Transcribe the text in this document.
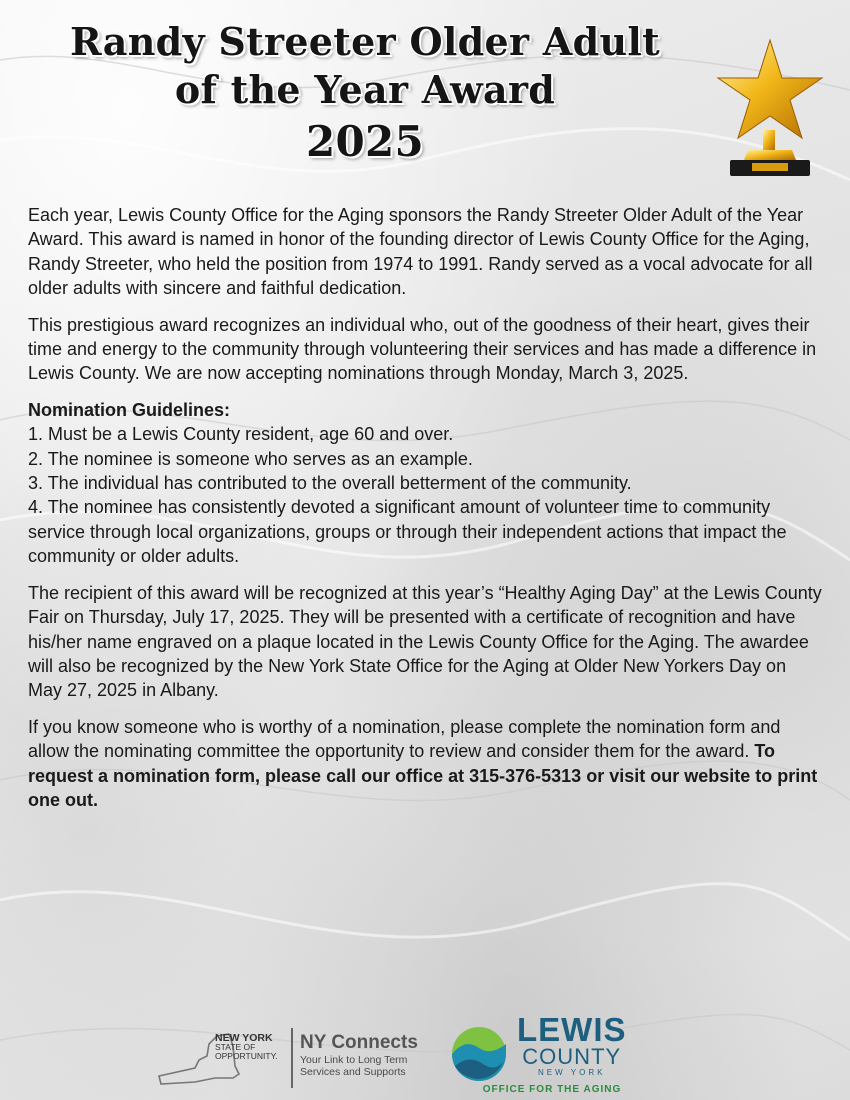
Randy Streeter Older Adult
of the Year Award
2025

Each year, Lewis County Office for the Aging sponsors the Randy Streeter Older Adult of the Year Award. This award is named in honor of the founding director of Lewis County Office for the Aging, Randy Streeter, who held the position from 1974 to 1991. Randy served as a vocal advocate for all older adults with sincere and faithful dedication.

This prestigious award recognizes an individual who, out of the goodness of their heart, gives their time and energy to the community through volunteering their services and has made a difference in Lewis County. We are now accepting nominations through Monday, March 3, 2025.

Nomination Guidelines:
1. Must be a Lewis County resident, age 60 and over.
2. The nominee is someone who serves as an example.
3. The individual has contributed to the overall betterment of the community.
4. The nominee has consistently devoted a significant amount of volunteer time to community service through local organizations, groups or through their independent actions that impact the community or older adults.

The recipient of this award will be recognized at this year’s “Healthy Aging Day” at the Lewis County Fair on Thursday, July 17, 2025. They will be presented with a certificate of recognition and have his/her name engraved on a plaque located in the Lewis County Office for the Aging. The awardee will also be recognized by the New York State Office for the Aging at Older New Yorkers Day on May 27, 2025 in Albany.

If you know someone who is worthy of a nomination, please complete the nomination form and allow the nominating committee the opportunity to review and consider them for the award. To request a nomination form, please call our office at 315-376-5313 or visit our website to print one out.

NEW YORK
STATE OF
OPPORTUNITY.
NY Connects
Your Link to Long Term
Services and Supports
LEWIS
COUNTY
NEW YORK
OFFICE FOR THE AGING
